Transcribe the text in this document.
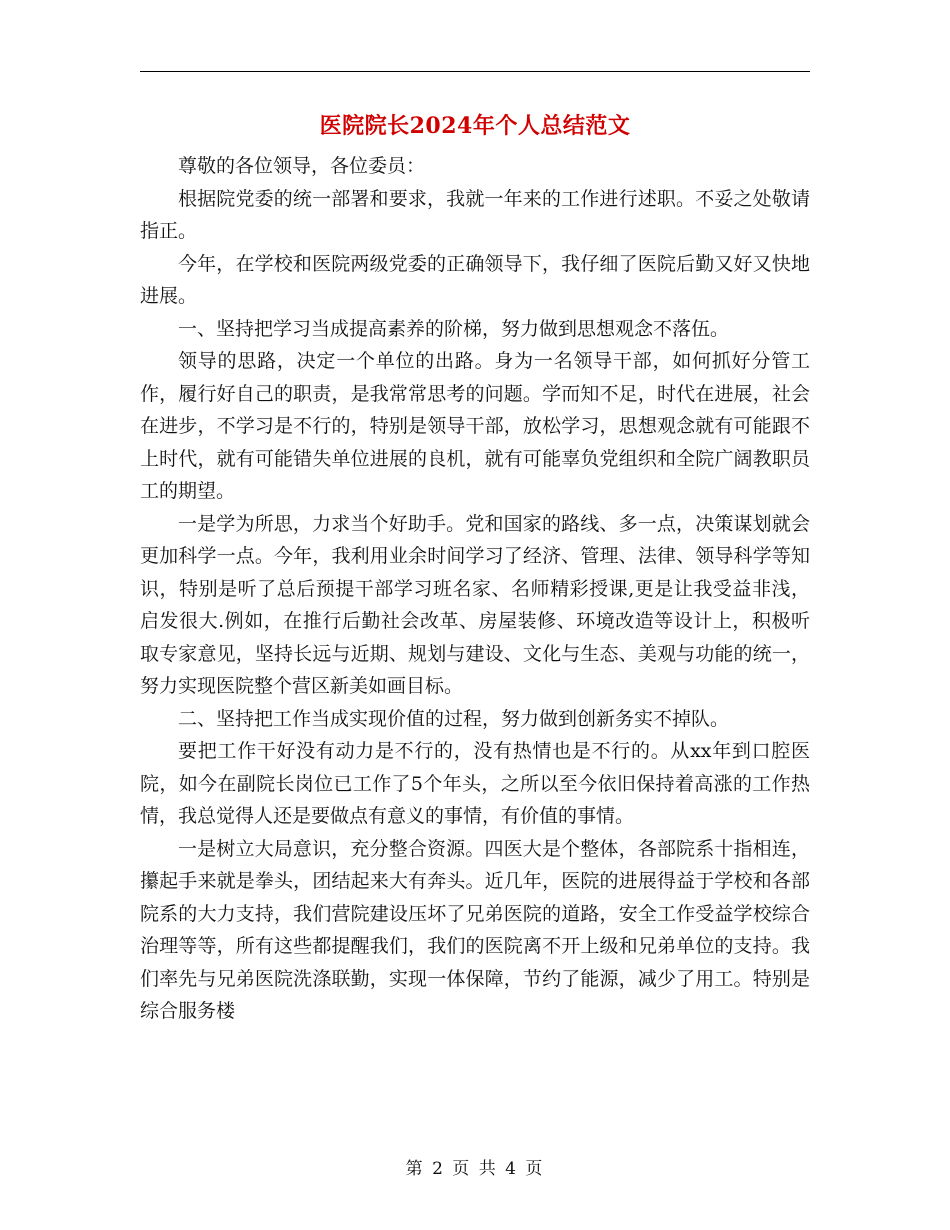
医院院长2024年个人总结范文

尊敬的各位领导，各位委员：

根据院党委的统一部署和要求，我就一年来的工作进行述职。不妥之处敬请指正。

今年，在学校和医院两级党委的正确领导下，我仔细了医院后勤又好又快地进展。

一、坚持把学习当成提高素养的阶梯，努力做到思想观念不落伍。

领导的思路，决定一个单位的出路。身为一名领导干部，如何抓好分管工作，履行好自己的职责，是我常常思考的问题。学而知不足，时代在进展，社会在进步，不学习是不行的，特别是领导干部，放松学习，思想观念就有可能跟不上时代，就有可能错失单位进展的良机，就有可能辜负党组织和全院广阔教职员工的期望。

一是学为所思，力求当个好助手。党和国家的路线、多一点，决策谋划就会更加科学一点。今年，我利用业余时间学习了经济、管理、法律、领导科学等知识，特别是听了总后预提干部学习班名家、名师精彩授课,更是让我受益非浅，启发很大.例如，在推行后勤社会改革、房屋装修、环境改造等设计上，积极听取专家意见，坚持长远与近期、规划与建设、文化与生态、美观与功能的统一，努力实现医院整个营区新美如画目标。

二、坚持把工作当成实现价值的过程，努力做到创新务实不掉队。

要把工作干好没有动力是不行的，没有热情也是不行的。从xx年到口腔医院，如今在副院长岗位已工作了5个年头，之所以至今依旧保持着高涨的工作热情，我总觉得人还是要做点有意义的事情，有价值的事情。

一是树立大局意识，充分整合资源。四医大是个整体，各部院系十指相连，攥起手来就是拳头，团结起来大有奔头。近几年，医院的进展得益于学校和各部院系的大力支持，我们营院建设压坏了兄弟医院的道路，安全工作受益学校综合治理等等，所有这些都提醒我们，我们的医院离不开上级和兄弟单位的支持。我们率先与兄弟医院洗涤联勤，实现一体保障，节约了能源，减少了用工。特别是综合服务楼

第 2 页 共 4 页
